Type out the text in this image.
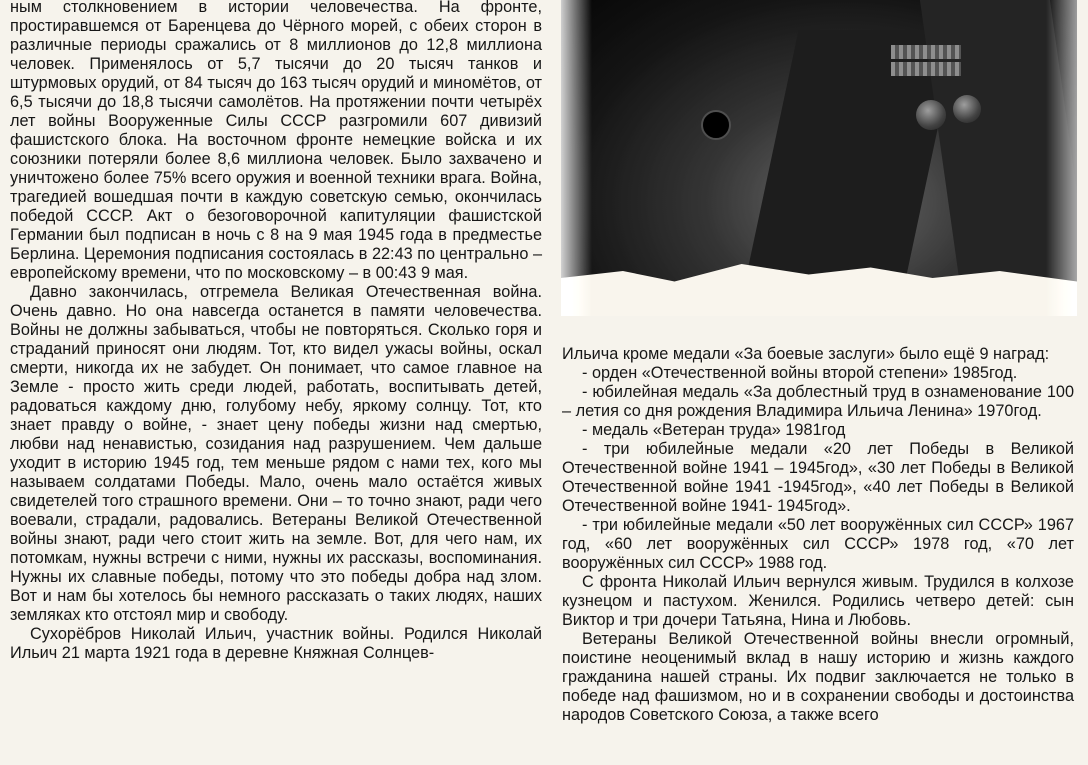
ным столкновением в истории человечества. На фронте, простиравшемся от Баренцева до Чёрного морей, с обеих сторон в различные периоды сражались от 8 миллионов до 12,8 миллиона человек. Применялось от 5,7 тысячи до 20 тысяч танков и штурмовых орудий, от 84 тысяч до 163 тысяч орудий и миномётов, от 6,5 тысячи до 18,8 тысячи самолётов. На протяжении почти четырёх лет войны Вооруженные Силы СССР разгромили 607 дивизий фашистского блока. На восточном фронте немецкие войска и их союзники потеряли более 8,6 миллиона человек. Было захвачено и уничтожено более 75% всего оружия и военной техники врага. Война, трагедией вошедшая почти в каждую советскую семью, окончилась победой СССР. Акт о безоговорочной капитуляции фашистской Германии был подписан в ночь с 8 на 9 мая 1945 года в предместье Берлина. Церемония подписания состоялась в 22:43 по центрально – европейскому времени, что по московскому – в 00:43 9 мая.

Давно закончилась, отгремела Великая Отечественная война. Очень давно. Но она навсегда останется в памяти человечества. Войны не должны забываться, чтобы не повторяться. Сколько горя и страданий приносят они людям. Тот, кто видел ужасы войны, оскал смерти, никогда их не забудет. Он понимает, что самое главное на Земле - просто жить среди людей, работать, воспитывать детей, радоваться каждому дню, голубому небу, яркому солнцу. Тот, кто знает правду о войне, - знает цену победы жизни над смертью, любви над ненавистью, созидания над разрушением. Чем дальше уходит в историю 1945 год, тем меньше рядом с нами тех, кого мы называем солдатами Победы. Мало, очень мало остаётся живых свидетелей того страшного времени. Они – то точно знают, ради чего воевали, страдали, радовались. Ветераны Великой Отечественной войны знают, ради чего стоит жить на земле. Вот, для чего нам, их потомкам, нужны встречи с ними, нужны их рассказы, воспоминания. Нужны их славные победы, потому что это победы добра над злом. Вот и нам бы хотелось бы немного рассказать о таких людях, наших земляках кто отстоял мир и свободу.

Сухорёбров Николай Ильич, участник войны. Родился Николай Ильич 21 марта 1921 года в деревне Княжная Солнцев-

Ильича кроме медали «За боевые заслуги» было ещё 9 наград:

- орден «Отечественной войны второй степени» 1985год.

- юбилейная медаль «За доблестный труд в ознаменование 100 – летия со дня рождения Владимира Ильича Ленина» 1970год.

- медаль «Ветеран труда» 1981год

- три юбилейные медали «20 лет Победы в Великой Отечественной войне 1941 – 1945год», «30 лет Победы в Великой Отечественной войне 1941 -1945год», «40 лет Победы в Великой Отечественной войне 1941- 1945год».

- три юбилейные медали «50 лет вооружённых сил СССР» 1967 год, «60 лет вооружённых сил СССР» 1978 год, «70 лет вооружённых сил СССР» 1988 год.

С фронта Николай Ильич вернулся живым. Трудился в колхозе кузнецом и пастухом. Женился. Родились четверо детей: сын Виктор и три дочери Татьяна, Нина и Любовь.

Ветераны Великой Отечественной войны внесли огромный, поистине неоценимый вклад в нашу историю и жизнь каждого гражданина нашей страны. Их подвиг заключается не только в победе над фашизмом, но и в сохранении свободы и достоинства народов Советского Союза, а также всего
